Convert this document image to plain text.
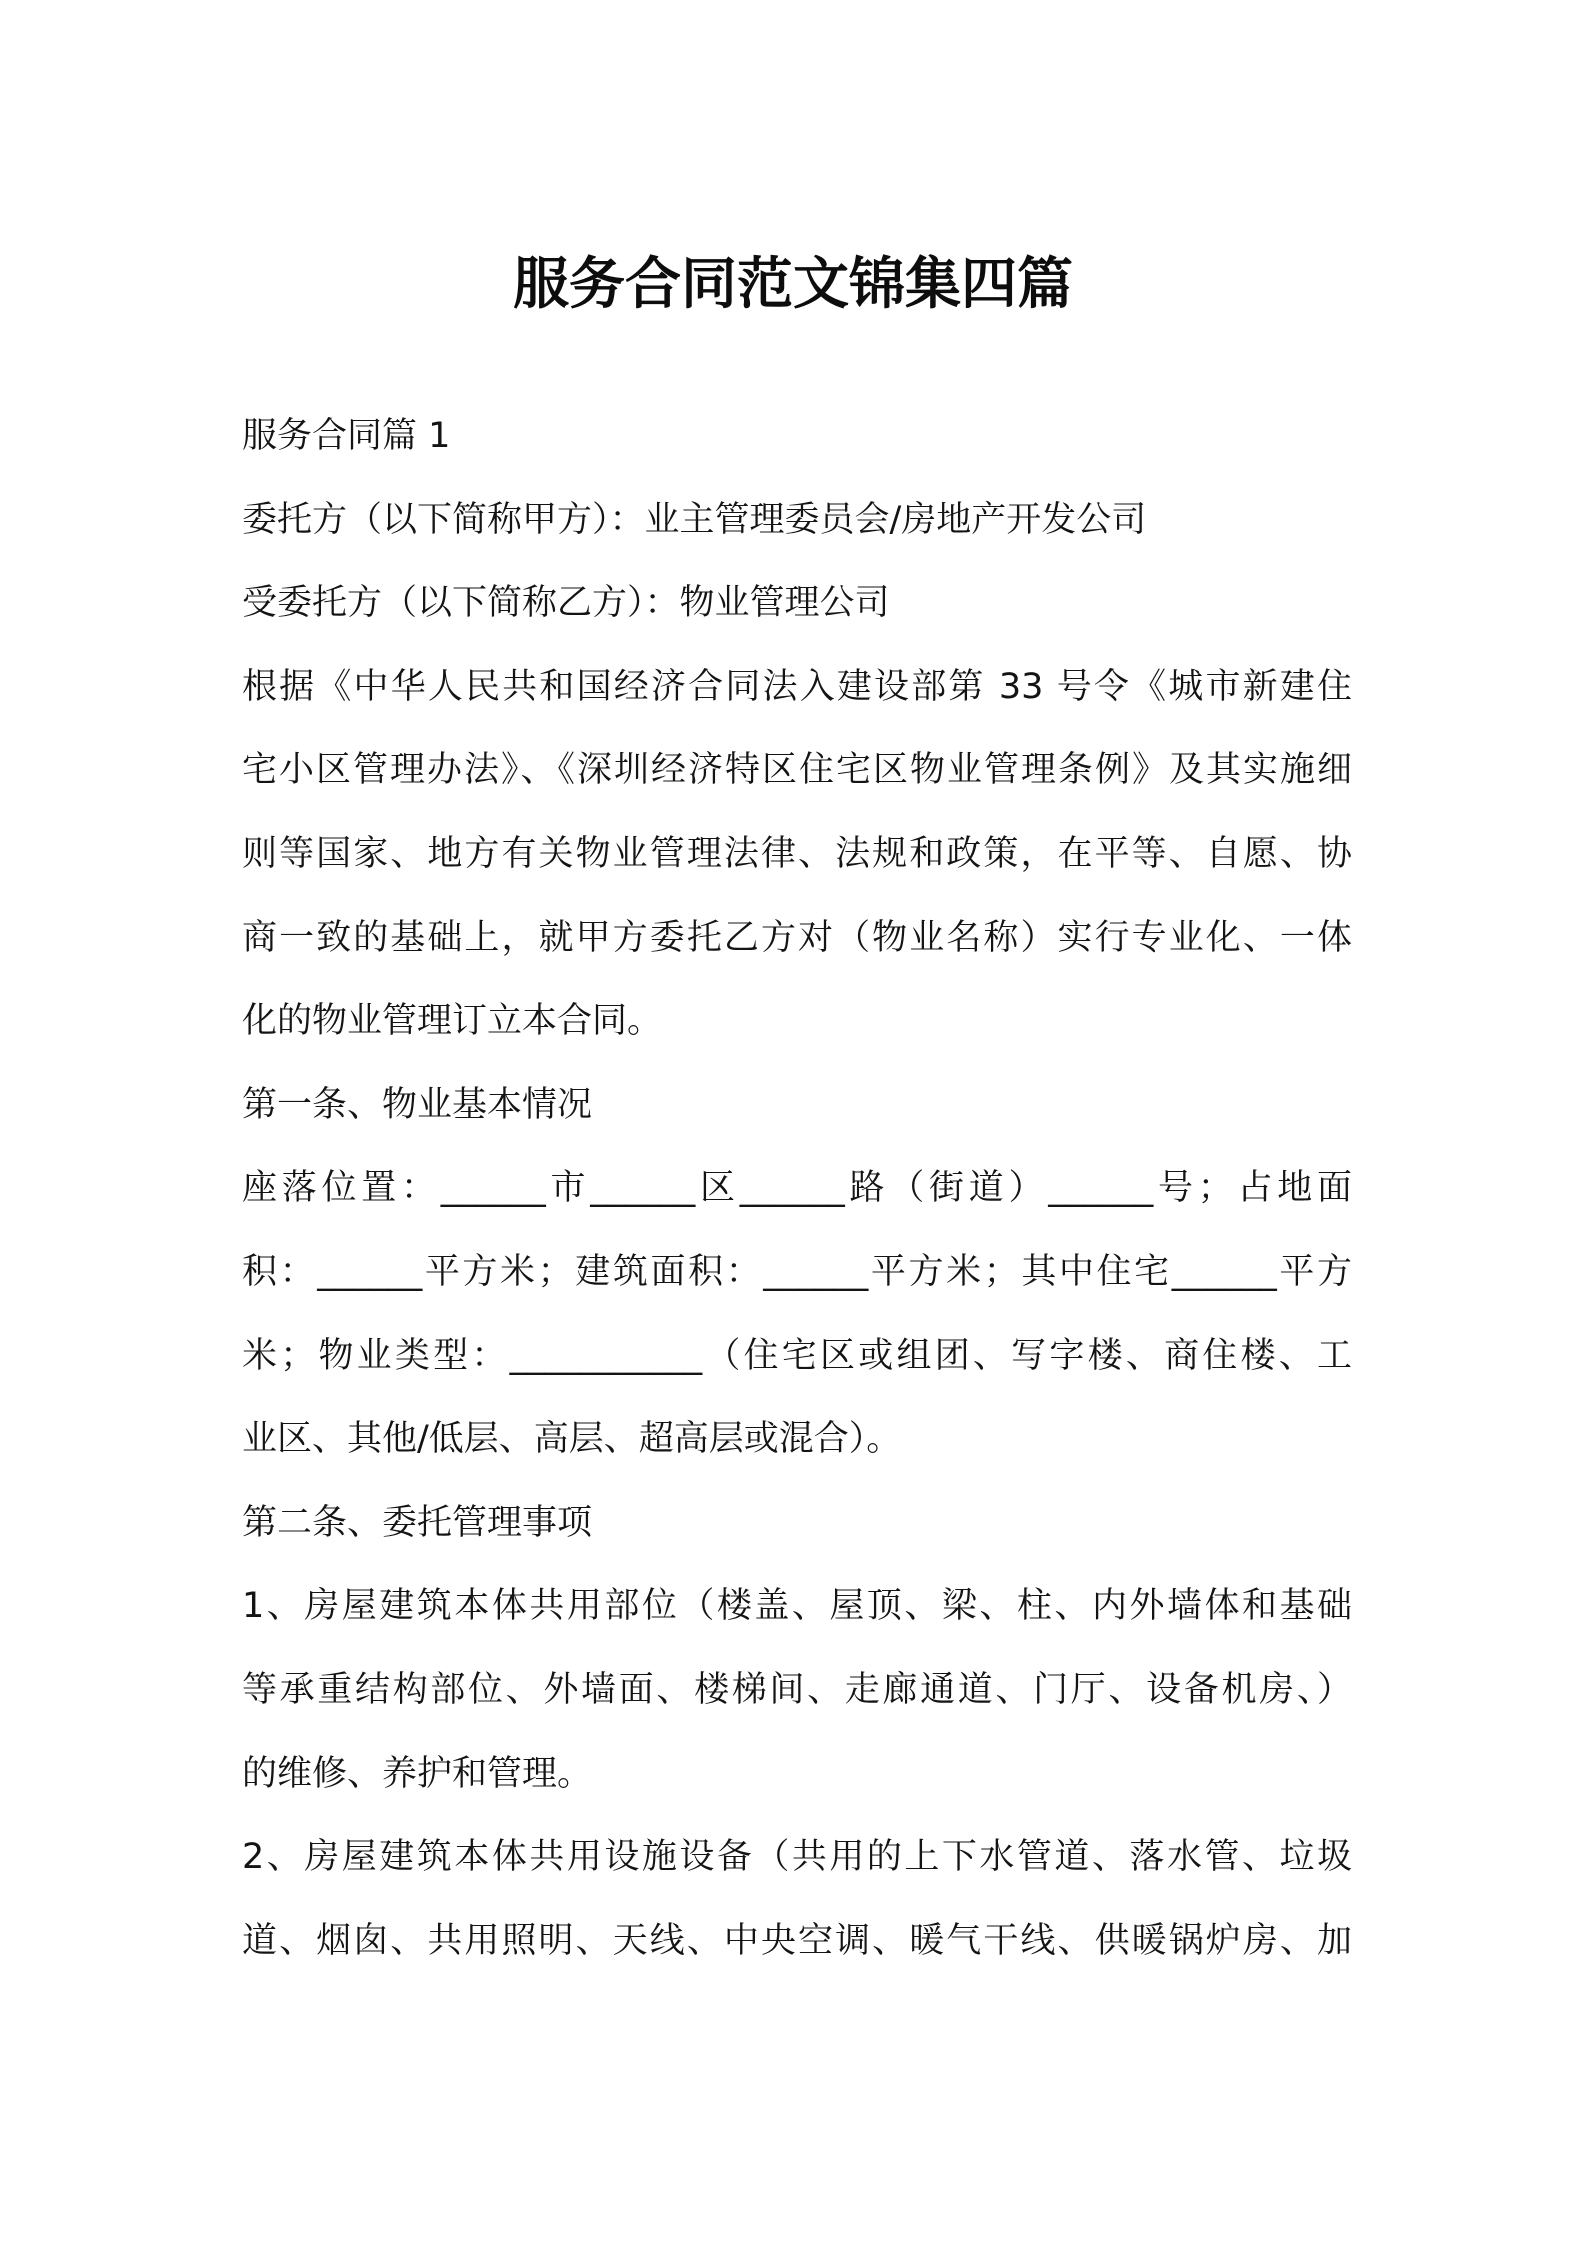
服务合同范文锦集四篇
服务合同篇 1
委托方（以下简称甲方）：业主管理委员会/房地产开发公司
受委托方（以下简称乙方）：物业管理公司
根据《中华人民共和国经济合同法入建设部第 33 号令《城市新建住
宅小区管理办法》、《深圳经济特区住宅区物业管理条例》及其实施细
则等国家、地方有关物业管理法律、法规和政策，在平等、自愿、协
商一致的基础上，就甲方委托乙方对（物业名称）实行专业化、一体
化的物业管理订立本合同。
第一条、物业基本情况
座落位置：______市______区______路（街道）______号；占地面
积：______平方米；建筑面积：______平方米；其中住宅______平方
米；物业类型：___________（住宅区或组团、写字楼、商住楼、工
业区、其他/低层、高层、超高层或混合）。
第二条、委托管理事项
1、房屋建筑本体共用部位（楼盖、屋顶、梁、柱、内外墙体和基础
等承重结构部位、外墙面、楼梯间、走廊通道、门厅、设备机房、）
的维修、养护和管理。
2、房屋建筑本体共用设施设备（共用的上下水管道、落水管、垃圾
道、烟囱、共用照明、天线、中央空调、暖气干线、供暖锅炉房、加
